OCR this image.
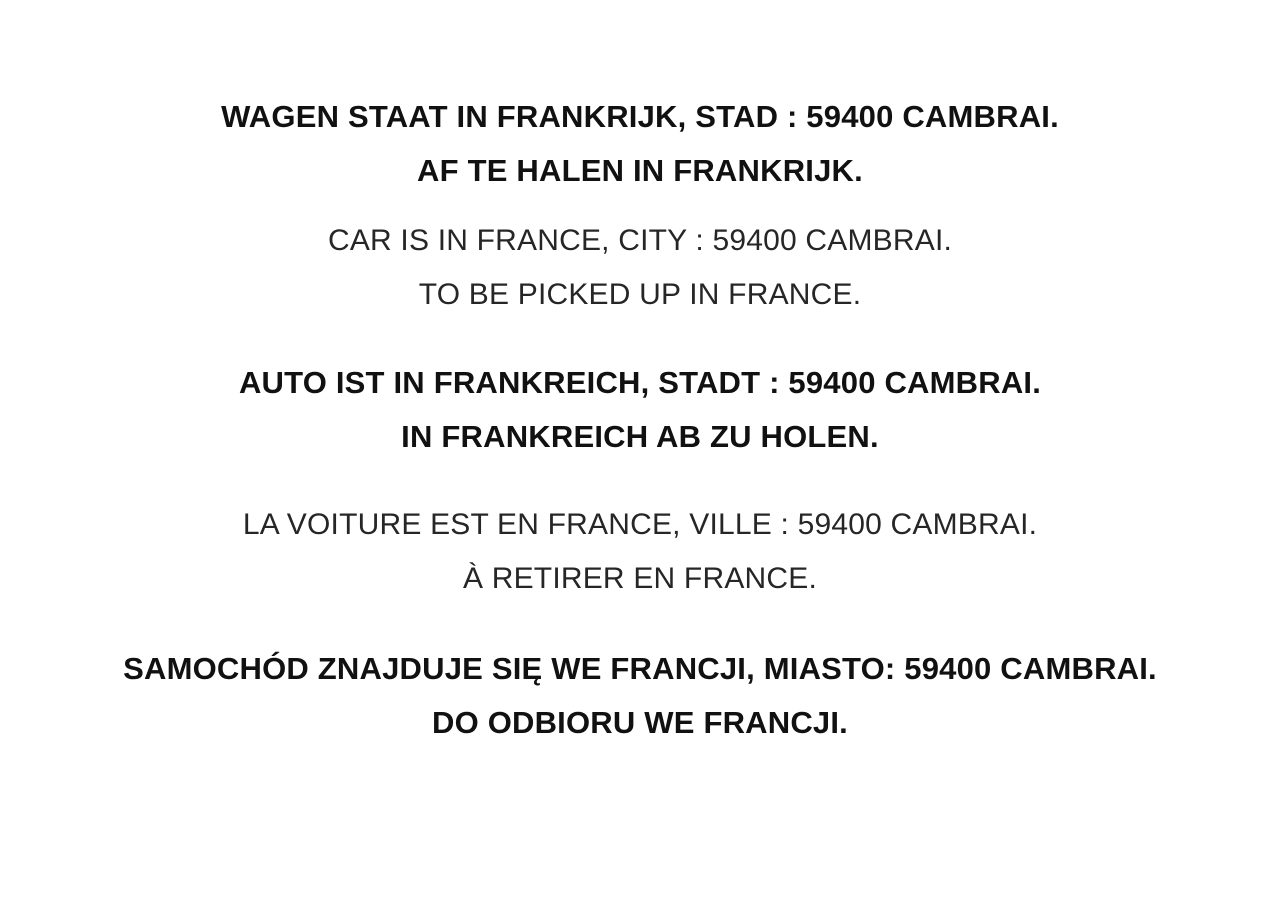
WAGEN STAAT IN FRANKRIJK, STAD : 59400 CAMBRAI.
AF TE HALEN IN FRANKRIJK.
CAR IS IN FRANCE, CITY : 59400 CAMBRAI.
TO BE PICKED UP IN FRANCE.
AUTO IST IN FRANKREICH, STADT : 59400 CAMBRAI.
IN FRANKREICH AB ZU HOLEN.
LA VOITURE EST EN FRANCE, VILLE : 59400 CAMBRAI.
À RETIRER EN FRANCE.
SAMOCHÓD ZNAJDUJE SIĘ WE FRANCJI, MIASTO: 59400 CAMBRAI.
DO ODBIORU WE FRANCJI.
